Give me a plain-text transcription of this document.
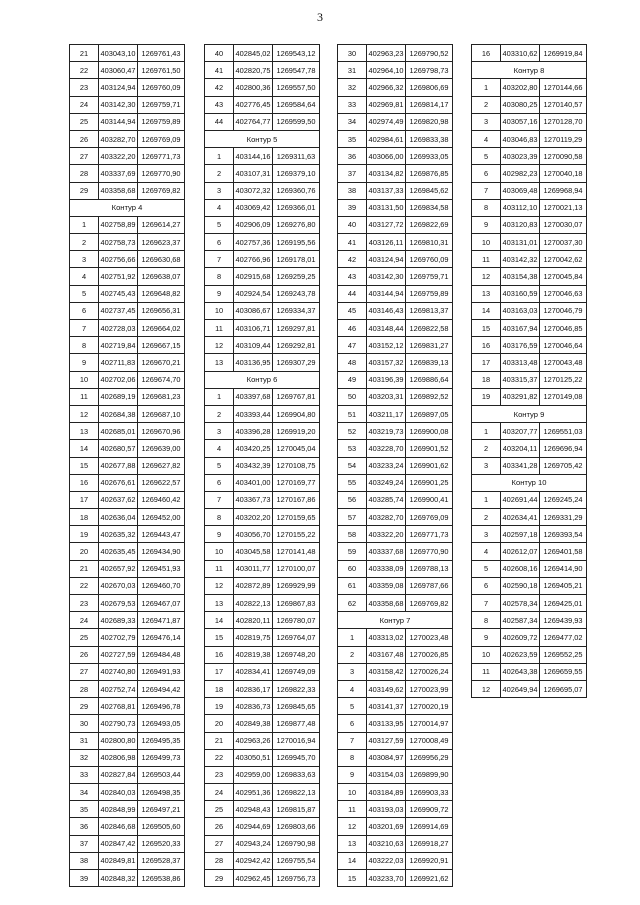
3
21	403043,10	1269761,43
22	403060,47	1269761,50
23	403124,94	1269760,09
24	403142,30	1269759,71
25	403144,94	1269759,89
26	403282,70	1269769,09
27	403322,20	1269771,73
28	403337,69	1269770,90
29	403358,68	1269769,82
Контур 4		
1	402758,89	1269614,27
2	402758,73	1269623,37
3	402756,66	1269630,68
4	402751,92	1269638,07
5	402745,43	1269648,82
6	402737,45	1269656,31
7	402728,03	1269664,02
8	402719,84	1269667,15
9	402711,83	1269670,21
10	402702,06	1269674,70
11	402689,19	1269681,23
12	402684,38	1269687,10
13	402685,01	1269670,96
14	402680,57	1269639,00
15	402677,88	1269627,82
16	402676,61	1269622,57
17	402637,62	1269460,42
18	402636,04	1269452,00
19	402635,32	1269443,47
20	402635,45	1269434,90
21	402657,92	1269451,93
22	402670,03	1269460,70
23	402679,53	1269467,07
24	402689,33	1269471,87
25	402702,79	1269476,14
26	402727,59	1269484,48
27	402740,80	1269491,93
28	402752,74	1269494,42
29	402768,81	1269496,78
30	402790,73	1269493,05
31	402800,80	1269495,35
32	402806,98	1269499,73
33	402827,84	1269503,44
34	402840,03	1269498,35
35	402848,99	1269497,21
36	402846,68	1269505,60
37	402847,42	1269520,33
38	402849,81	1269528,37
39	402848,32	1269538,86
40	402845,02	1269543,12
41	402820,75	1269547,78
42	402800,36	1269557,50
43	402776,45	1269584,64
44	402764,77	1269599,50
Контур 5		
1	403144,16	1269311,63
2	403107,31	1269379,10
3	403072,32	1269360,76
4	403069,42	1269366,01
5	402906,09	1269276,80
6	402757,36	1269195,56
7	402766,96	1269178,01
8	402915,68	1269259,25
9	402924,54	1269243,78
10	403086,67	1269334,37
11	403106,71	1269297,81
12	403109,44	1269292,81
13	403136,95	1269307,29
Контур 6		
1	403397,68	1269767,81
2	403393,44	1269904,80
3	403396,28	1269919,20
4	403420,25	1270045,04
5	403432,39	1270108,75
6	403401,00	1270169,77
7	403367,73	1270167,86
8	403202,20	1270159,65
9	403056,70	1270155,22
10	403045,58	1270141,48
11	403011,77	1270100,07
12	402872,89	1269929,99
13	402822,13	1269867,83
14	402820,11	1269780,07
15	402819,75	1269764,07
16	402819,38	1269748,20
17	402834,41	1269749,09
18	402836,17	1269822,33
19	402836,73	1269845,65
20	402849,38	1269877,48
21	402963,26	1270016,94
22	403050,51	1269945,70
23	402959,00	1269833,63
24	402951,36	1269822,13
25	402948,43	1269815,87
26	402944,69	1269803,66
27	402943,24	1269790,98
28	402942,42	1269755,54
29	402962,45	1269756,73
30	402963,23	1269790,52
31	402964,10	1269798,73
32	402966,32	1269806,69
33	402969,81	1269814,17
34	402974,49	1269820,98
35	402984,61	1269833,38
36	403066,00	1269933,05
37	403134,82	1269876,85
38	403137,33	1269845,62
39	403131,50	1269834,58
40	403127,72	1269822,69
41	403126,11	1269810,31
42	403124,94	1269760,09
43	403142,30	1269759,71
44	403144,94	1269759,89
45	403146,43	1269813,37
46	403148,44	1269822,58
47	403152,12	1269831,27
48	403157,32	1269839,13
49	403196,39	1269886,64
50	403203,31	1269892,52
51	403211,17	1269897,05
52	403219,73	1269900,08
53	403228,70	1269901,52
54	403233,24	1269901,62
55	403249,24	1269901,25
56	403285,74	1269900,41
57	403282,70	1269769,09
58	403322,20	1269771,73
59	403337,68	1269770,90
60	403338,09	1269788,13
61	403359,08	1269787,66
62	403358,68	1269769,82
Контур 7		
1	403313,02	1270023,48
2	403167,48	1270026,85
3	403158,42	1270026,24
4	403149,62	1270023,99
5	403141,37	1270020,19
6	403133,95	1270014,97
7	403127,59	1270008,49
8	403084,97	1269956,29
9	403154,03	1269899,90
10	403184,89	1269903,33
11	403193,03	1269909,72
12	403201,69	1269914,69
13	403210,63	1269918,27
14	403222,03	1269920,91
15	403233,70	1269921,62
16	403310,62	1269919,84
Контур 8		
1	403202,80	1270144,66
2	403080,25	1270140,57
3	403057,16	1270128,70
4	403046,83	1270119,29
5	403023,39	1270090,58
6	402982,23	1270040,18
7	403069,48	1269968,94
8	403112,10	1270021,13
9	403120,83	1270030,07
10	403131,01	1270037,30
11	403142,32	1270042,62
12	403154,38	1270045,84
13	403160,59	1270046,63
14	403163,03	1270046,79
15	403167,94	1270046,85
16	403176,59	1270046,64
17	403313,48	1270043,48
18	403315,37	1270125,22
19	403291,82	1270149,08
Контур 9		
1	403207,77	1269551,03
2	403204,11	1269696,94
3	403341,28	1269705,42
Контур 10		
1	402691,44	1269245,24
2	402634,41	1269331,29
3	402597,18	1269393,54
4	402612,07	1269401,58
5	402608,16	1269414,90
6	402590,18	1269405,21
7	402578,34	1269425,01
8	402587,34	1269439,93
9	402609,72	1269477,02
10	402623,59	1269552,25
11	402643,38	1269659,55
12	402649,94	1269695,07
